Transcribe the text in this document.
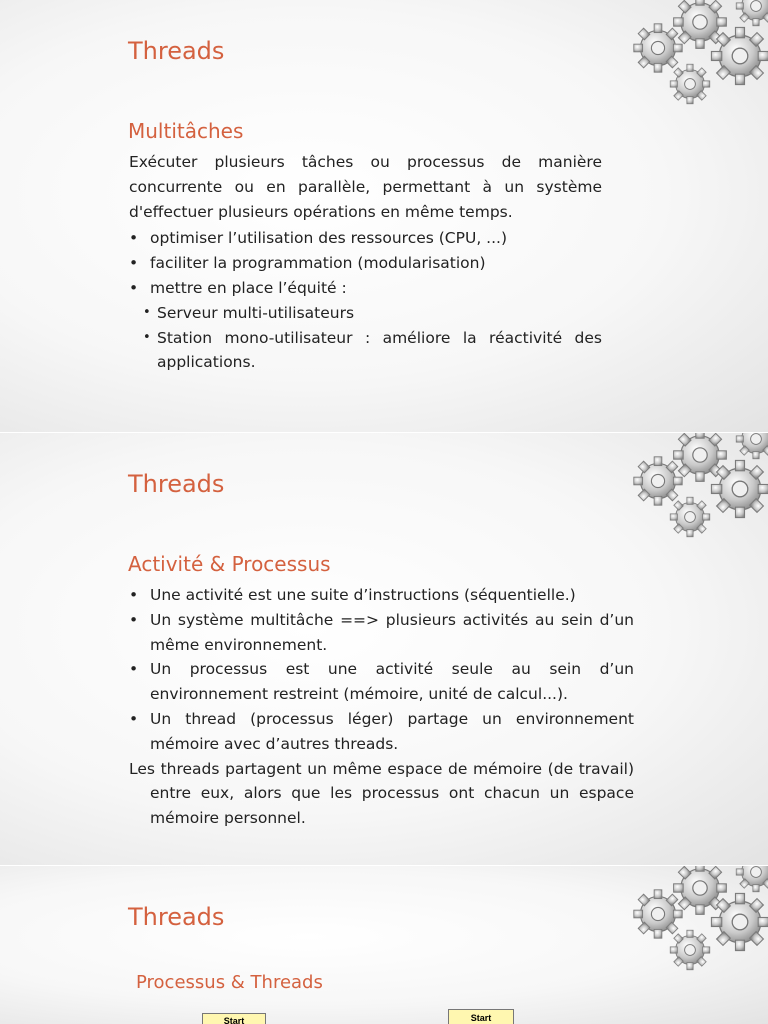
Threads
Multitâches

Exécuter plusieurs tâches ou processus de manière concurrente ou en parallèle, permettant à un système d'effectuer plusieurs opérations en même temps.

• optimiser l’utilisation des ressources (CPU, ...)
• faciliter la programmation (modularisation)
• mettre en place l’équité :
• Serveur multi-utilisateurs
• Station mono-utilisateur : améliore la réactivité des applications.
Threads
Activité & Processus
• Une activité est une suite d’instructions (séquentielle.)
• Un système multitâche ==> plusieurs activités au sein d’un même environnement.
• Un processus est une activité seule au sein d’un environnement restreint (mémoire, unité de calcul...).
• Un thread (processus léger) partage un environnement mémoire avec d’autres threads.

Les threads partagent un même espace de mémoire (de travail) entre eux, alors que les processus ont chacun un espace mémoire personnel.

Threads
Processus & Threads
Start	Start
